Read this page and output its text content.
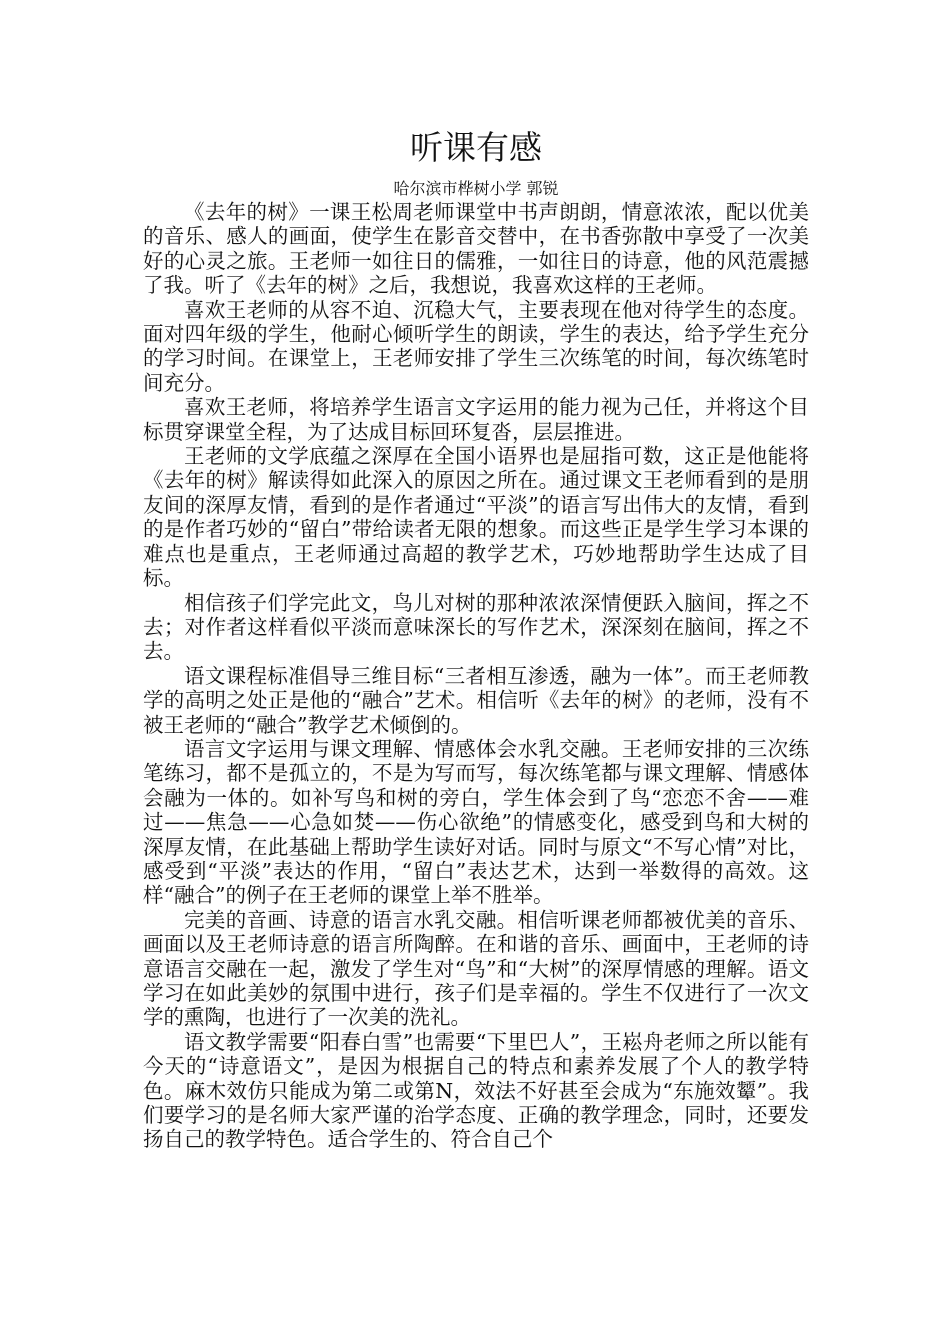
听课有感

哈尔滨市桦树小学 郭锐

《去年的树》一课王松周老师课堂中书声朗朗，情意浓浓，配以优美的音乐、感人的画面，使学生在影音交替中，在书香弥散中享受了一次美好的心灵之旅。王老师一如往日的儒雅，一如往日的诗意，他的风范震撼了我。听了《去年的树》之后，我想说，我喜欢这样的王老师。

喜欢王老师的从容不迫、沉稳大气，主要表现在他对待学生的态度。面对四年级的学生，他耐心倾听学生的朗读，学生的表达，给予学生充分的学习时间。在课堂上，王老师安排了学生三次练笔的时间，每次练笔时间充分。

喜欢王老师，将培养学生语言文字运用的能力视为己任，并将这个目标贯穿课堂全程，为了达成目标回环复沓，层层推进。

王老师的文学底蕴之深厚在全国小语界也是屈指可数，这正是他能将《去年的树》解读得如此深入的原因之所在。通过课文王老师看到的是朋友间的深厚友情，看到的是作者通过“平淡”的语言写出伟大的友情，看到的是作者巧妙的“留白”带给读者无限的想象。而这些正是学生学习本课的难点也是重点，王老师通过高超的教学艺术，巧妙地帮助学生达成了目标。

相信孩子们学完此文，鸟儿对树的那种浓浓深情便跃入脑间，挥之不去；对作者这样看似平淡而意味深长的写作艺术，深深刻在脑间，挥之不去。

语文课程标准倡导三维目标“三者相互渗透，融为一体”。而王老师教学的高明之处正是他的“融合”艺术。相信听《去年的树》的老师，没有不被王老师的“融合”教学艺术倾倒的。

语言文字运用与课文理解、情感体会水乳交融。王老师安排的三次练笔练习，都不是孤立的，不是为写而写，每次练笔都与课文理解、情感体会融为一体的。如补写鸟和树的旁白，学生体会到了鸟“恋恋不舍——难过——焦急——心急如焚——伤心欲绝”的情感变化，感受到鸟和大树的深厚友情，在此基础上帮助学生读好对话。同时与原文“不写心情”对比，感受到“平淡”表达的作用，“留白”表达艺术，达到一举数得的高效。这样“融合”的例子在王老师的课堂上举不胜举。

完美的音画、诗意的语言水乳交融。相信听课老师都被优美的音乐、画面以及王老师诗意的语言所陶醉。在和谐的音乐、画面中，王老师的诗意语言交融在一起，激发了学生对“鸟”和“大树”的深厚情感的理解。语文学习在如此美妙的氛围中进行，孩子们是幸福的。学生不仅进行了一次文学的熏陶，也进行了一次美的洗礼。

语文教学需要“阳春白雪”也需要“下里巴人”，王崧舟老师之所以能有今天的“诗意语文”，是因为根据自己的特点和素养发展了个人的教学特色。麻木效仿只能成为第二或第N，效法不好甚至会成为“东施效颦”。我们要学习的是名师大家严谨的治学态度、正确的教学理念，同时，还要发扬自己的教学特色。适合学生的、符合自己个
